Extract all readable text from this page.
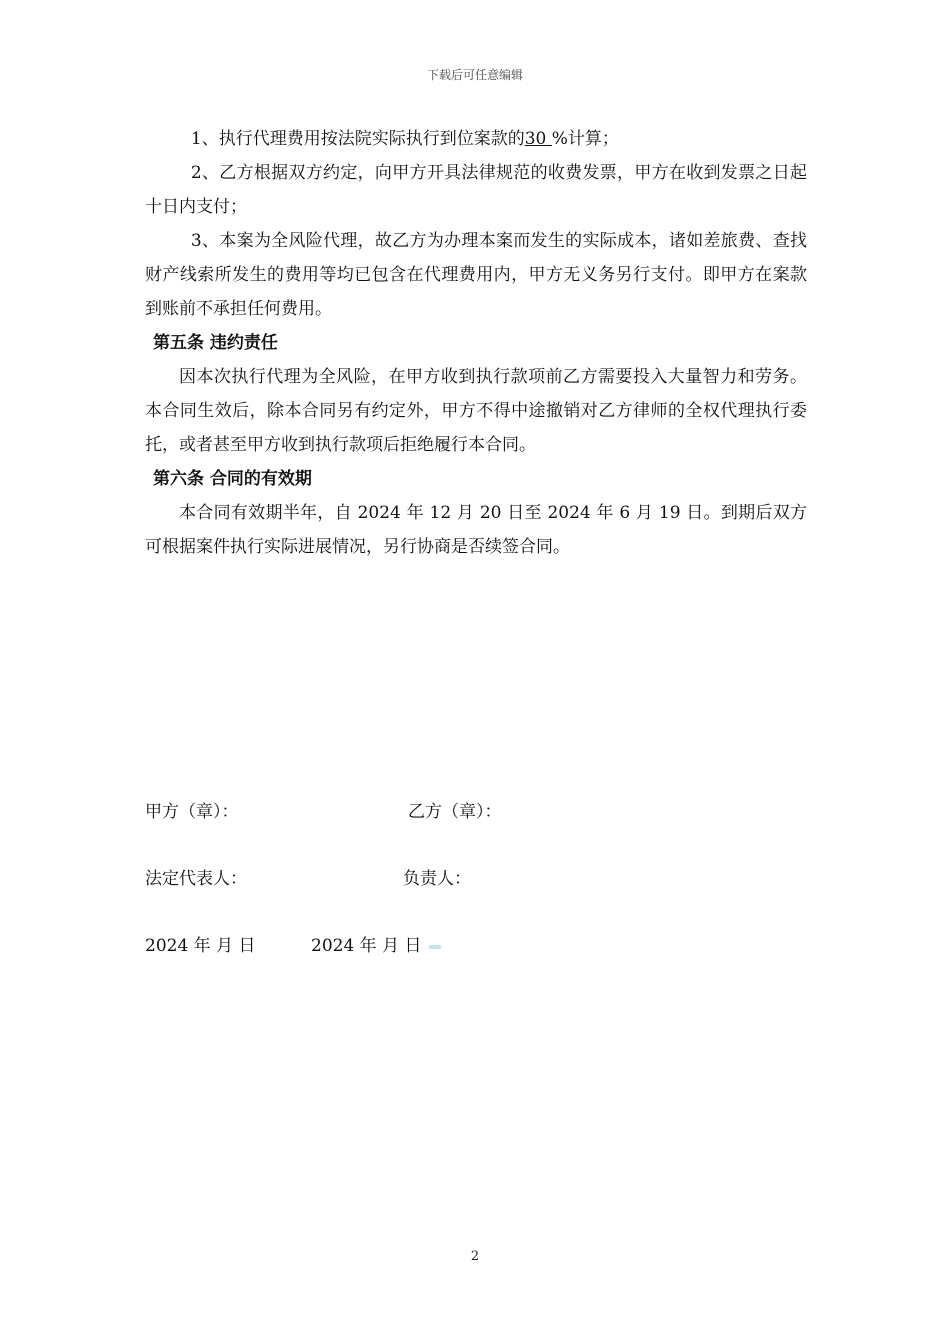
下载后可任意编辑

1、执行代理费用按法院实际执行到位案款的30 %计算；

2、乙方根据双方约定，向甲方开具法律规范的收费发票，甲方在收到发票之日起十日内支付；

3、本案为全风险代理，故乙方为办理本案而发生的实际成本，诸如差旅费、查找财产线索所发生的费用等均已包含在代理费用内，甲方无义务另行支付。即甲方在案款到账前不承担任何费用。

第五条 违约责任

因本次执行代理为全风险，在甲方收到执行款项前乙方需要投入大量智力和劳务。本合同生效后，除本合同另有约定外，甲方不得中途撤销对乙方律师的全权代理执行委托，或者甚至甲方收到执行款项后拒绝履行本合同。

第六条 合同的有效期

本合同有效期半年，自 2024 年 12 月 20 日至 2024 年 6 月 19 日。到期后双方可根据案件执行实际进展情况，另行协商是否续签合同。

甲方（章）：	乙方（章）：
法定代表人：	负责人：
2024 年 月 日	2024 年 月 日
2
